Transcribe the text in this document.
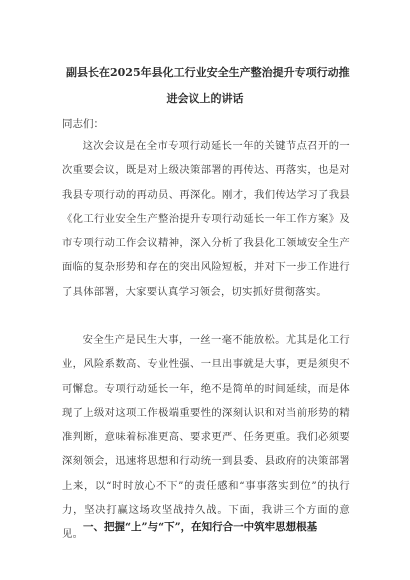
副县长在2025年县化工行业安全生产整治提升专项行动推
进会议上的讲话
同志们：
这次会议是在全市专项行动延长一年的关键节点召开的一次重要会议，既是对上级决策部署的再传达、再落实，也是对我县专项行动的再动员、再深化。刚才，我们传达学习了我县《化工行业安全生产整治提升专项行动延长一年工作方案》及市专项行动工作会议精神，深入分析了我县化工领域安全生产面临的复杂形势和存在的突出风险短板，并对下一步工作进行了具体部署，大家要认真学习领会，切实抓好贯彻落实。
安全生产是民生大事，一丝一毫不能放松。尤其是化工行业，风险系数高、专业性强、一旦出事就是大事，更是须臾不可懈怠。专项行动延长一年，绝不是简单的时间延续，而是体现了上级对这项工作极端重要性的深刻认识和对当前形势的精准判断，意味着标准更高、要求更严、任务更重。我们必须要深刻领会，迅速将思想和行动统一到县委、县政府的决策部署上来，以“时时放心不下”的责任感和“事事落实到位”的执行力，坚决打赢这场攻坚战持久战。下面，我讲三个方面的意见。
一、把握“上”与“下”，在知行合一中筑牢思想根基
